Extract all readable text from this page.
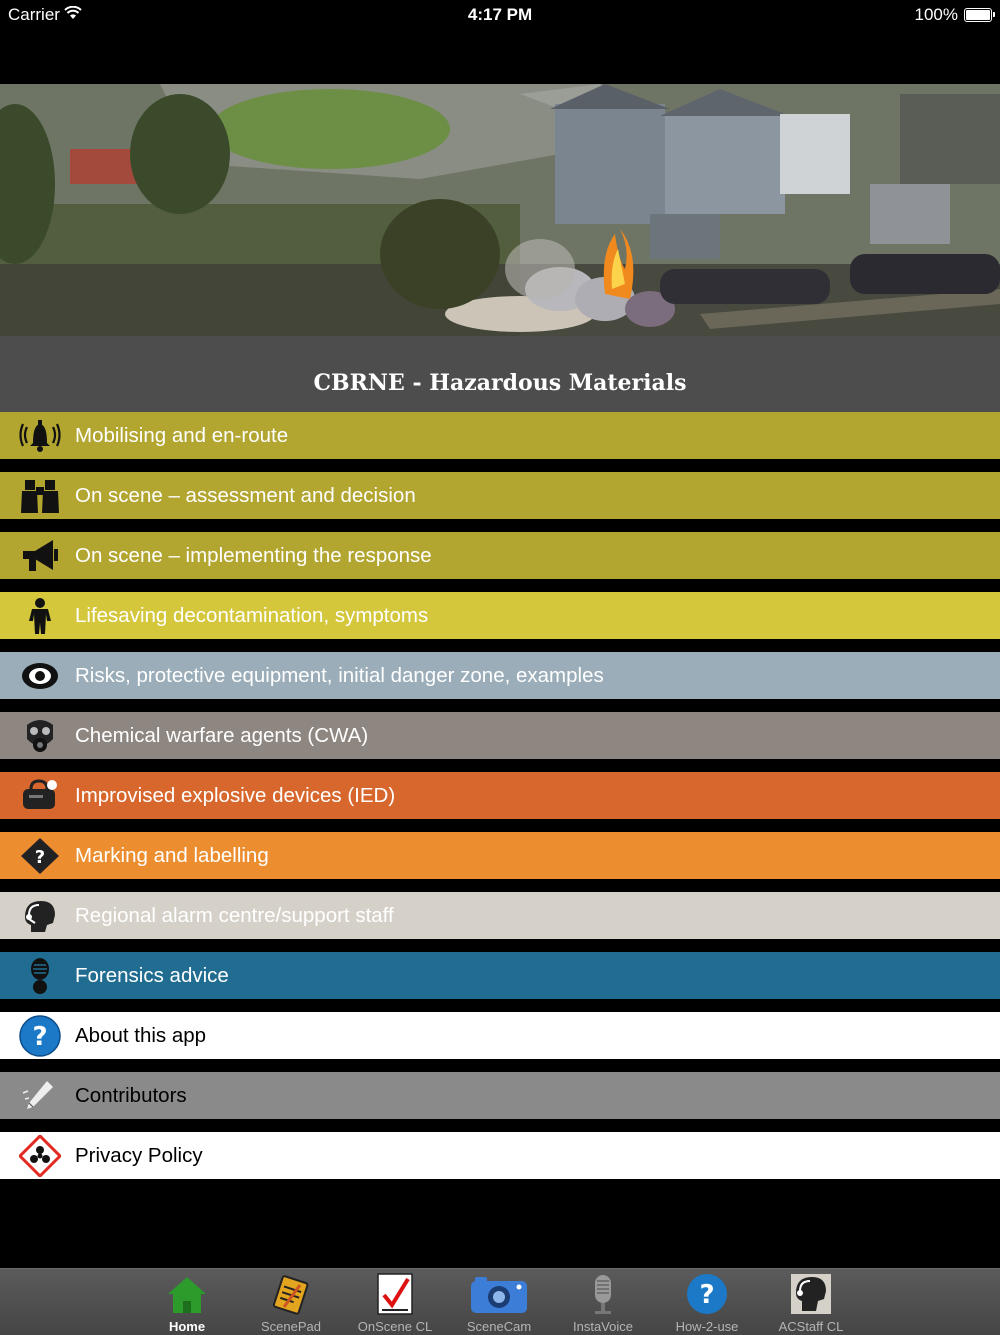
Carrier	4:17 PM	100%
CBRNE - Hazardous Materials
Mobilising and en-route
On scene – assessment and decision
On scene – implementing the response
Lifesaving decontamination, symptoms
Risks, protective equipment, initial danger zone, examples
Chemical warfare agents (CWA)
Improvised explosive devices (IED)
? Marking and labelling
Regional alarm centre/support staff
Forensics advice
? About this app
Contributors
Privacy Policy
Home	ScenePad	OnScene CL	SceneCam	InstaVoice
?
How-2-use	ACStaff CL
